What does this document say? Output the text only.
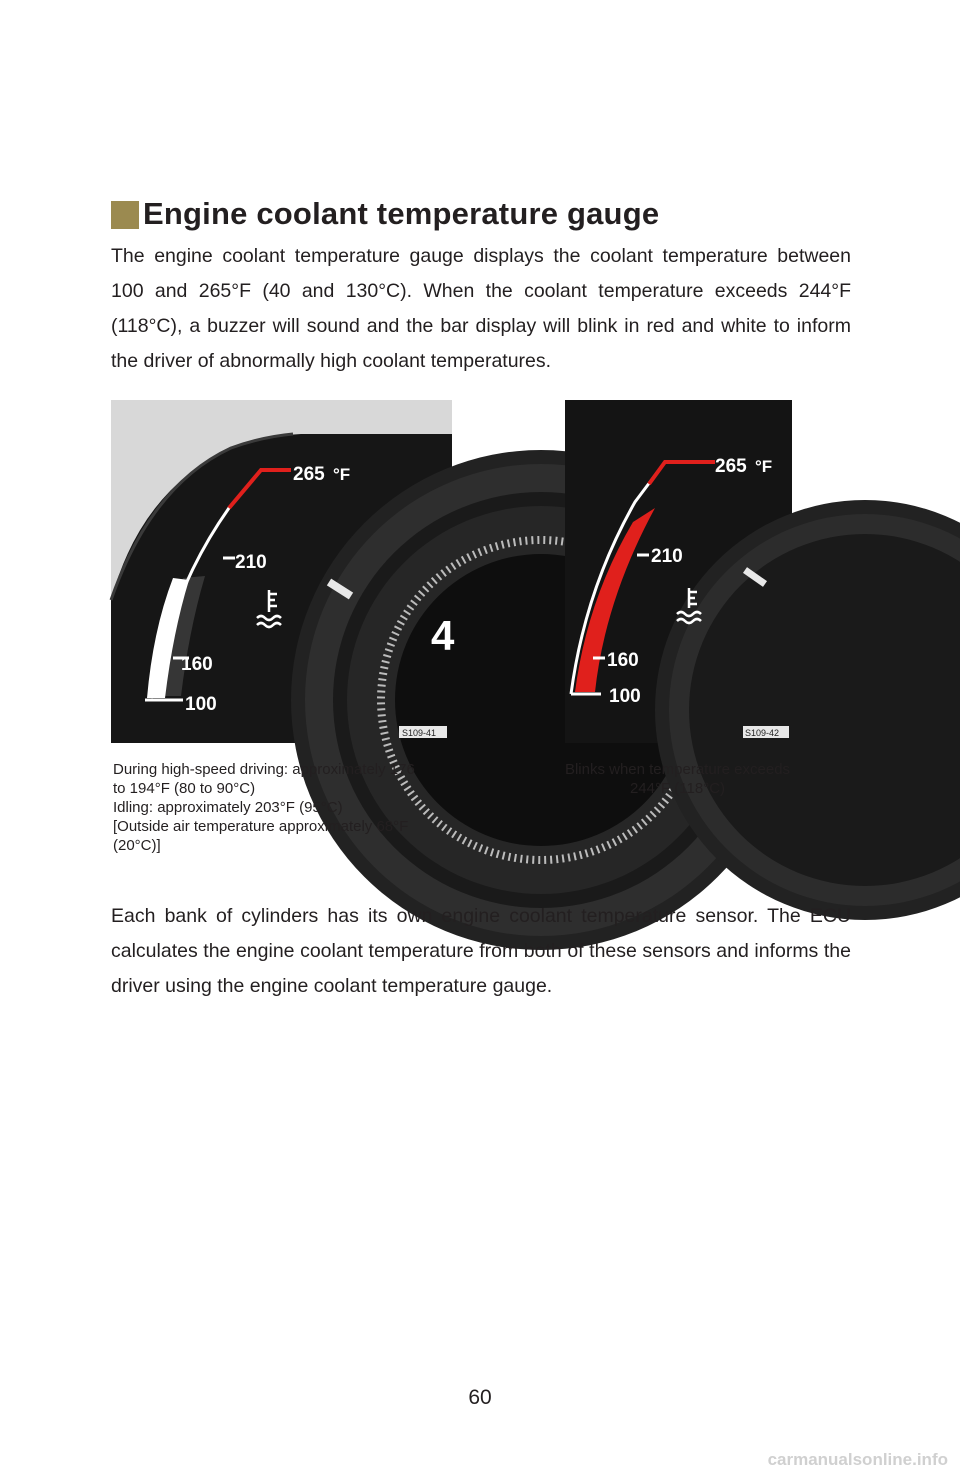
Engine coolant temperature gauge
The engine coolant temperature gauge displays the coolant temperature between 100 and 265°F (40 and 130°C). When the coolant temperature exceeds 244°F (118°C), a buzzer will sound and the bar display will blink in red and white to inform the driver of abnormally high coolant temperatures.
4
100
160
210
265 °F
S109-41
100
160
210
265 °F
S109-42
During high-speed driving: approximately 176
to 194°F (80 to 90°C)
Idling: approximately 203°F (95°C)
[Outside air temperature approximately 68°F
(20°C)]
Blinks when temperature exceeds
244°F (118°C)
Each bank of cylinders has its own engine coolant temperature sensor. The ECU calculates the engine coolant temperature from both of these sensors and informs the driver using the engine coolant temperature gauge.
60
carmanualsonline.info
